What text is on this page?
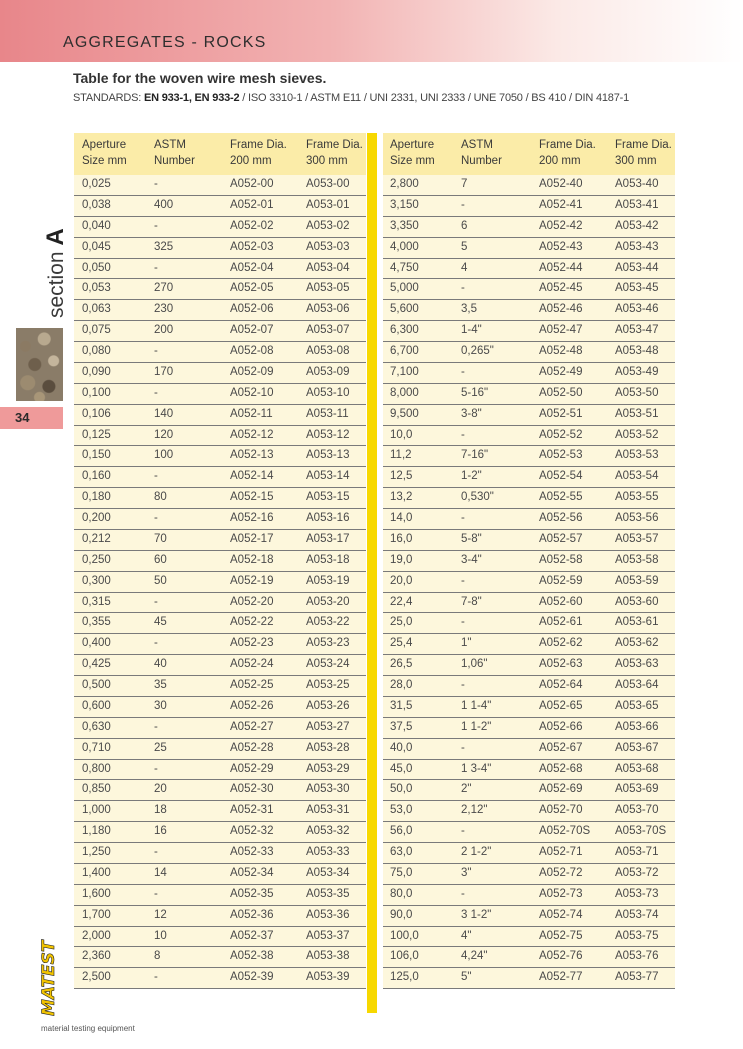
AGGREGATES - ROCKS
Table for the woven wire mesh sieves.
STANDARDS: EN 933-1, EN 933-2 / ISO 3310-1 / ASTM E11 / UNI 2331, UNI 2333 / UNE 7050 / BS 410 / DIN 4187-1
section A
34
MATEST
material testing equipment
Aperture
Size mm
ASTM
Number
Frame Dia.
200 mm
Frame Dia.
300 mm
0,025	-	A052-00	A053-00
0,038	400	A052-01	A053-01
0,040	-	A052-02	A053-02
0,045	325	A052-03	A053-03
0,050	-	A052-04	A053-04
0,053	270	A052-05	A053-05
0,063	230	A052-06	A053-06
0,075	200	A052-07	A053-07
0,080	-	A052-08	A053-08
0,090	170	A052-09	A053-09
0,100	-	A052-10	A053-10
0,106	140	A052-11	A053-11
0,125	120	A052-12	A053-12
0,150	100	A052-13	A053-13
0,160	-	A052-14	A053-14
0,180	80	A052-15	A053-15
0,200	-	A052-16	A053-16
0,212	70	A052-17	A053-17
0,250	60	A052-18	A053-18
0,300	50	A052-19	A053-19
0,315	-	A052-20	A053-20
0,355	45	A052-22	A053-22
0,400	-	A052-23	A053-23
0,425	40	A052-24	A053-24
0,500	35	A052-25	A053-25
0,600	30	A052-26	A053-26
0,630	-	A052-27	A053-27
0,710	25	A052-28	A053-28
0,800	-	A052-29	A053-29
0,850	20	A052-30	A053-30
1,000	18	A052-31	A053-31
1,180	16	A052-32	A053-32
1,250	-	A052-33	A053-33
1,400	14	A052-34	A053-34
1,600	-	A052-35	A053-35
1,700	12	A052-36	A053-36
2,000	10	A052-37	A053-37
2,360	8	A052-38	A053-38
2,500	-	A052-39	A053-39
Aperture
Size mm
ASTM
Number
Frame Dia.
200 mm
Frame Dia.
300 mm
2,800	7	A052-40	A053-40
3,150	-	A052-41	A053-41
3,350	6	A052-42	A053-42
4,000	5	A052-43	A053-43
4,750	4	A052-44	A053-44
5,000	-	A052-45	A053-45
5,600	3,5	A052-46	A053-46
6,300	1-4"	A052-47	A053-47
6,700	0,265"	A052-48	A053-48
7,100	-	A052-49	A053-49
8,000	5-16"	A052-50	A053-50
9,500	3-8"	A052-51	A053-51
10,0	-	A052-52	A053-52
11,2	7-16"	A052-53	A053-53
12,5	1-2"	A052-54	A053-54
13,2	0,530"	A052-55	A053-55
14,0	-	A052-56	A053-56
16,0	5-8"	A052-57	A053-57
19,0	3-4"	A052-58	A053-58
20,0	-	A052-59	A053-59
22,4	7-8"	A052-60	A053-60
25,0	-	A052-61	A053-61
25,4	1"	A052-62	A053-62
26,5	1,06"	A052-63	A053-63
28,0	-	A052-64	A053-64
31,5	1 1-4"	A052-65	A053-65
37,5	1 1-2"	A052-66	A053-66
40,0	-	A052-67	A053-67
45,0	1 3-4"	A052-68	A053-68
50,0	2"	A052-69	A053-69
53,0	2,12"	A052-70	A053-70
56,0	-	A052-70S A053-70S
63,0	2 1-2"	A052-71	A053-71
75,0	3"	A052-72	A053-72
80,0	-	A052-73	A053-73
90,0	3 1-2"	A052-74	A053-74
100,0	4"	A052-75	A053-75
106,0	4,24"	A052-76	A053-76
125,0	5"	A052-77	A053-77
